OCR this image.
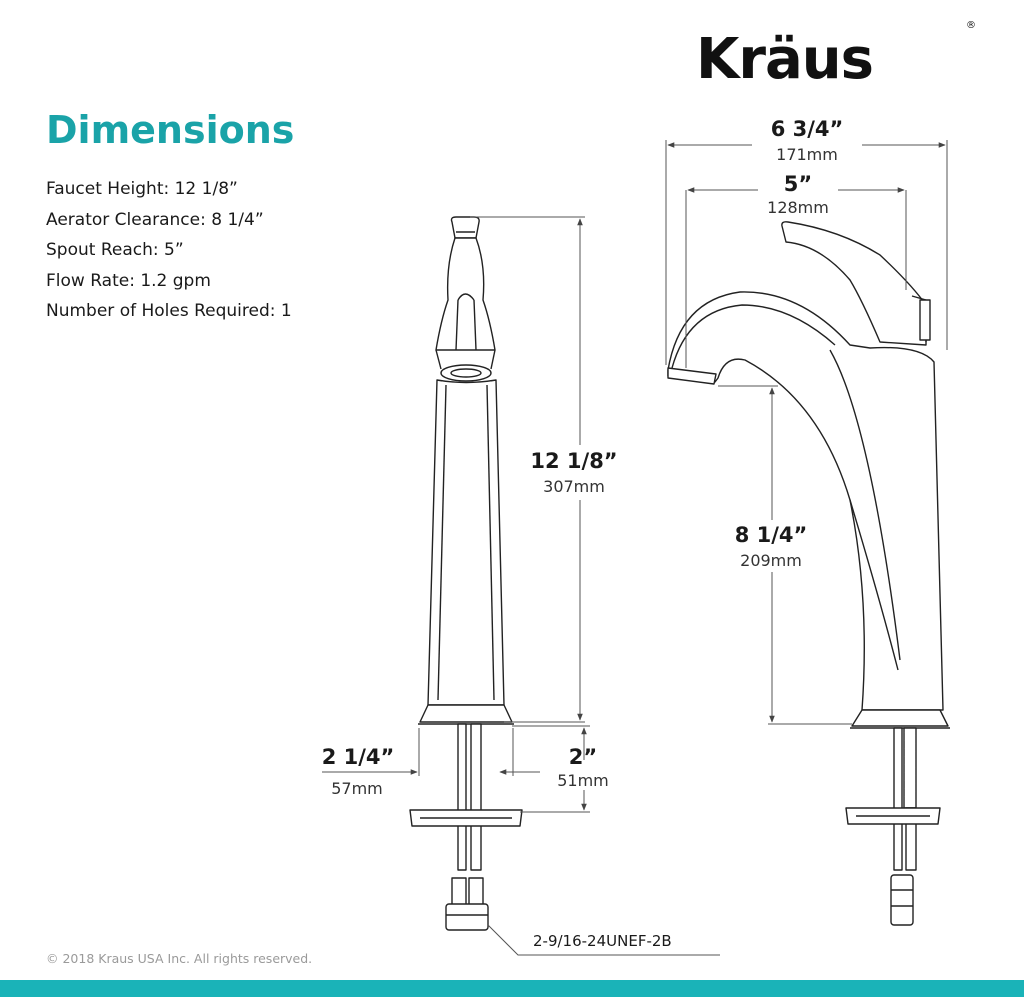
Kräus
®
Dimensions
Faucet Height: 12 1/8”
Aerator Clearance: 8 1/4”
Spout Reach: 5”
Flow Rate: 1.2 gpm
Number of Holes Required: 1
6 3/4”
171mm
5”
128mm
12 1/8”
307mm
8 1/4”
209mm
2 1/4”
57mm
2”
51mm
2-9/16-24UNEF-2B
© 2018 Kraus USA Inc. All rights reserved.
